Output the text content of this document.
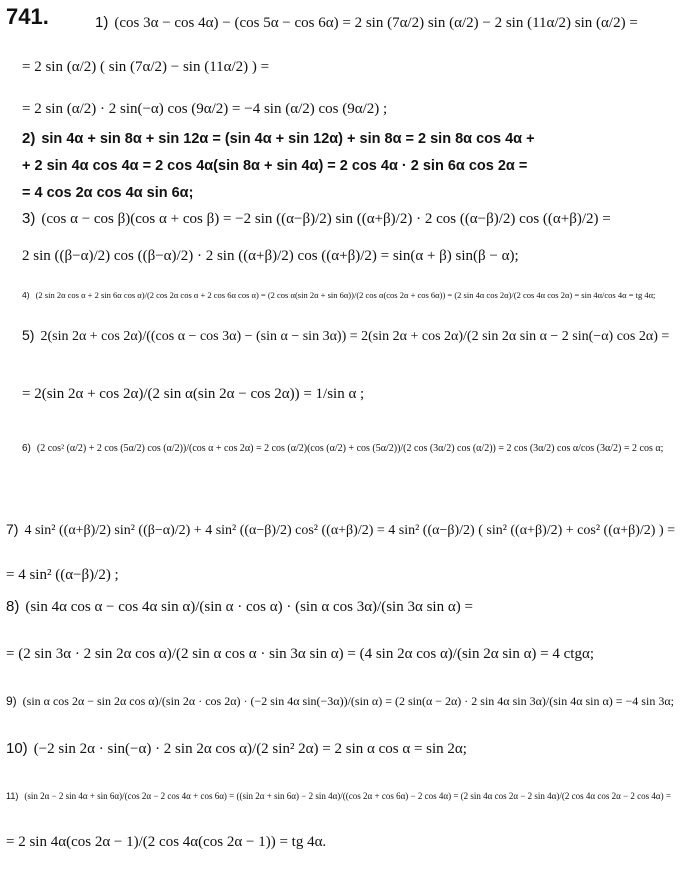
741.	1) (cos 3α − cos 4α) − (cos 5α − cos 6α) = 2 sin (7α/2) sin (α/2) − 2 sin (11α/2) sin (α/2) =
= 2 sin (α/2) ( sin (7α/2) − sin (11α/2) ) =
= 2 sin (α/2) · 2 sin(−α) cos (9α/2) = −4 sin (α/2) cos (9α/2) ;
2) sin 4α + sin 8α + sin 12α = (sin 4α + sin 12α) + sin 8α = 2 sin 8α cos 4α +
+ 2 sin 4α cos 4α = 2 cos 4α(sin 8α + sin 4α) = 2 cos 4α · 2 sin 6α cos 2α =
= 4 cos 2α cos 4α sin 6α;
3) (cos α − cos β)(cos α + cos β) = −2 sin ((α−β)/2) sin ((α+β)/2) · 2 cos ((α−β)/2) cos ((α+β)/2) =
2 sin ((β−α)/2) cos ((β−α)/2) · 2 sin ((α+β)/2) cos ((α+β)/2) = sin(α + β) sin(β − α);
4) (2 sin 2α cos α + 2 sin 6α cos α)/(2 cos 2α cos α + 2 cos 6α cos α) = (2 cos α(sin 2α + sin 6α))/(2 cos α(cos 2α + cos 6α)) = (2 sin 4α cos 2α)/(2 cos 4α cos 2α) = sin 4α/cos 4α = tg 4α;
5) 2(sin 2α + cos 2α)/((cos α − cos 3α) − (sin α − sin 3α)) = 2(sin 2α + cos 2α)/(2 sin 2α sin α − 2 sin(−α) cos 2α) =
= 2(sin 2α + cos 2α)/(2 sin α(sin 2α − cos 2α)) = 1/sin α ;
6) (2 cos² (α/2) + 2 cos (5α/2) cos (α/2))/(cos α + cos 2α) = 2 cos (α/2)(cos (α/2) + cos (5α/2))/(2 cos (3α/2) cos (α/2)) = 2 cos (3α/2) cos α/cos (3α/2) = 2 cos α;
7) 4 sin² ((α+β)/2) sin² ((β−α)/2) + 4 sin² ((α−β)/2) cos² ((α+β)/2) = 4 sin² ((α−β)/2) ( sin² ((α+β)/2) + cos² ((α+β)/2) ) =
= 4 sin² ((α−β)/2) ;
8) (sin 4α cos α − cos 4α sin α)/(sin α · cos α) · (sin α cos 3α)/(sin 3α sin α) =
= (2 sin 3α · 2 sin 2α cos α)/(2 sin α cos α · sin 3α sin α) = (4 sin 2α cos α)/(sin 2α sin α) = 4 ctgα;
9) (sin α cos 2α − sin 2α cos α)/(sin 2α · cos 2α) · (−2 sin 4α sin(−3α))/(sin α) = (2 sin(α − 2α) · 2 sin 4α sin 3α)/(sin 4α sin α) = −4 sin 3α;
10) (−2 sin 2α · sin(−α) · 2 sin 2α cos α)/(2 sin² 2α) = 2 sin α cos α = sin 2α;
11) (sin 2α − 2 sin 4α + sin 6α)/(cos 2α − 2 cos 4α + cos 6α) = ((sin 2α + sin 6α) − 2 sin 4α)/((cos 2α + cos 6α) − 2 cos 4α) = (2 sin 4α cos 2α − 2 sin 4α)/(2 cos 4α cos 2α − 2 cos 4α) =
= 2 sin 4α(cos 2α − 1)/(2 cos 4α(cos 2α − 1)) = tg 4α.
